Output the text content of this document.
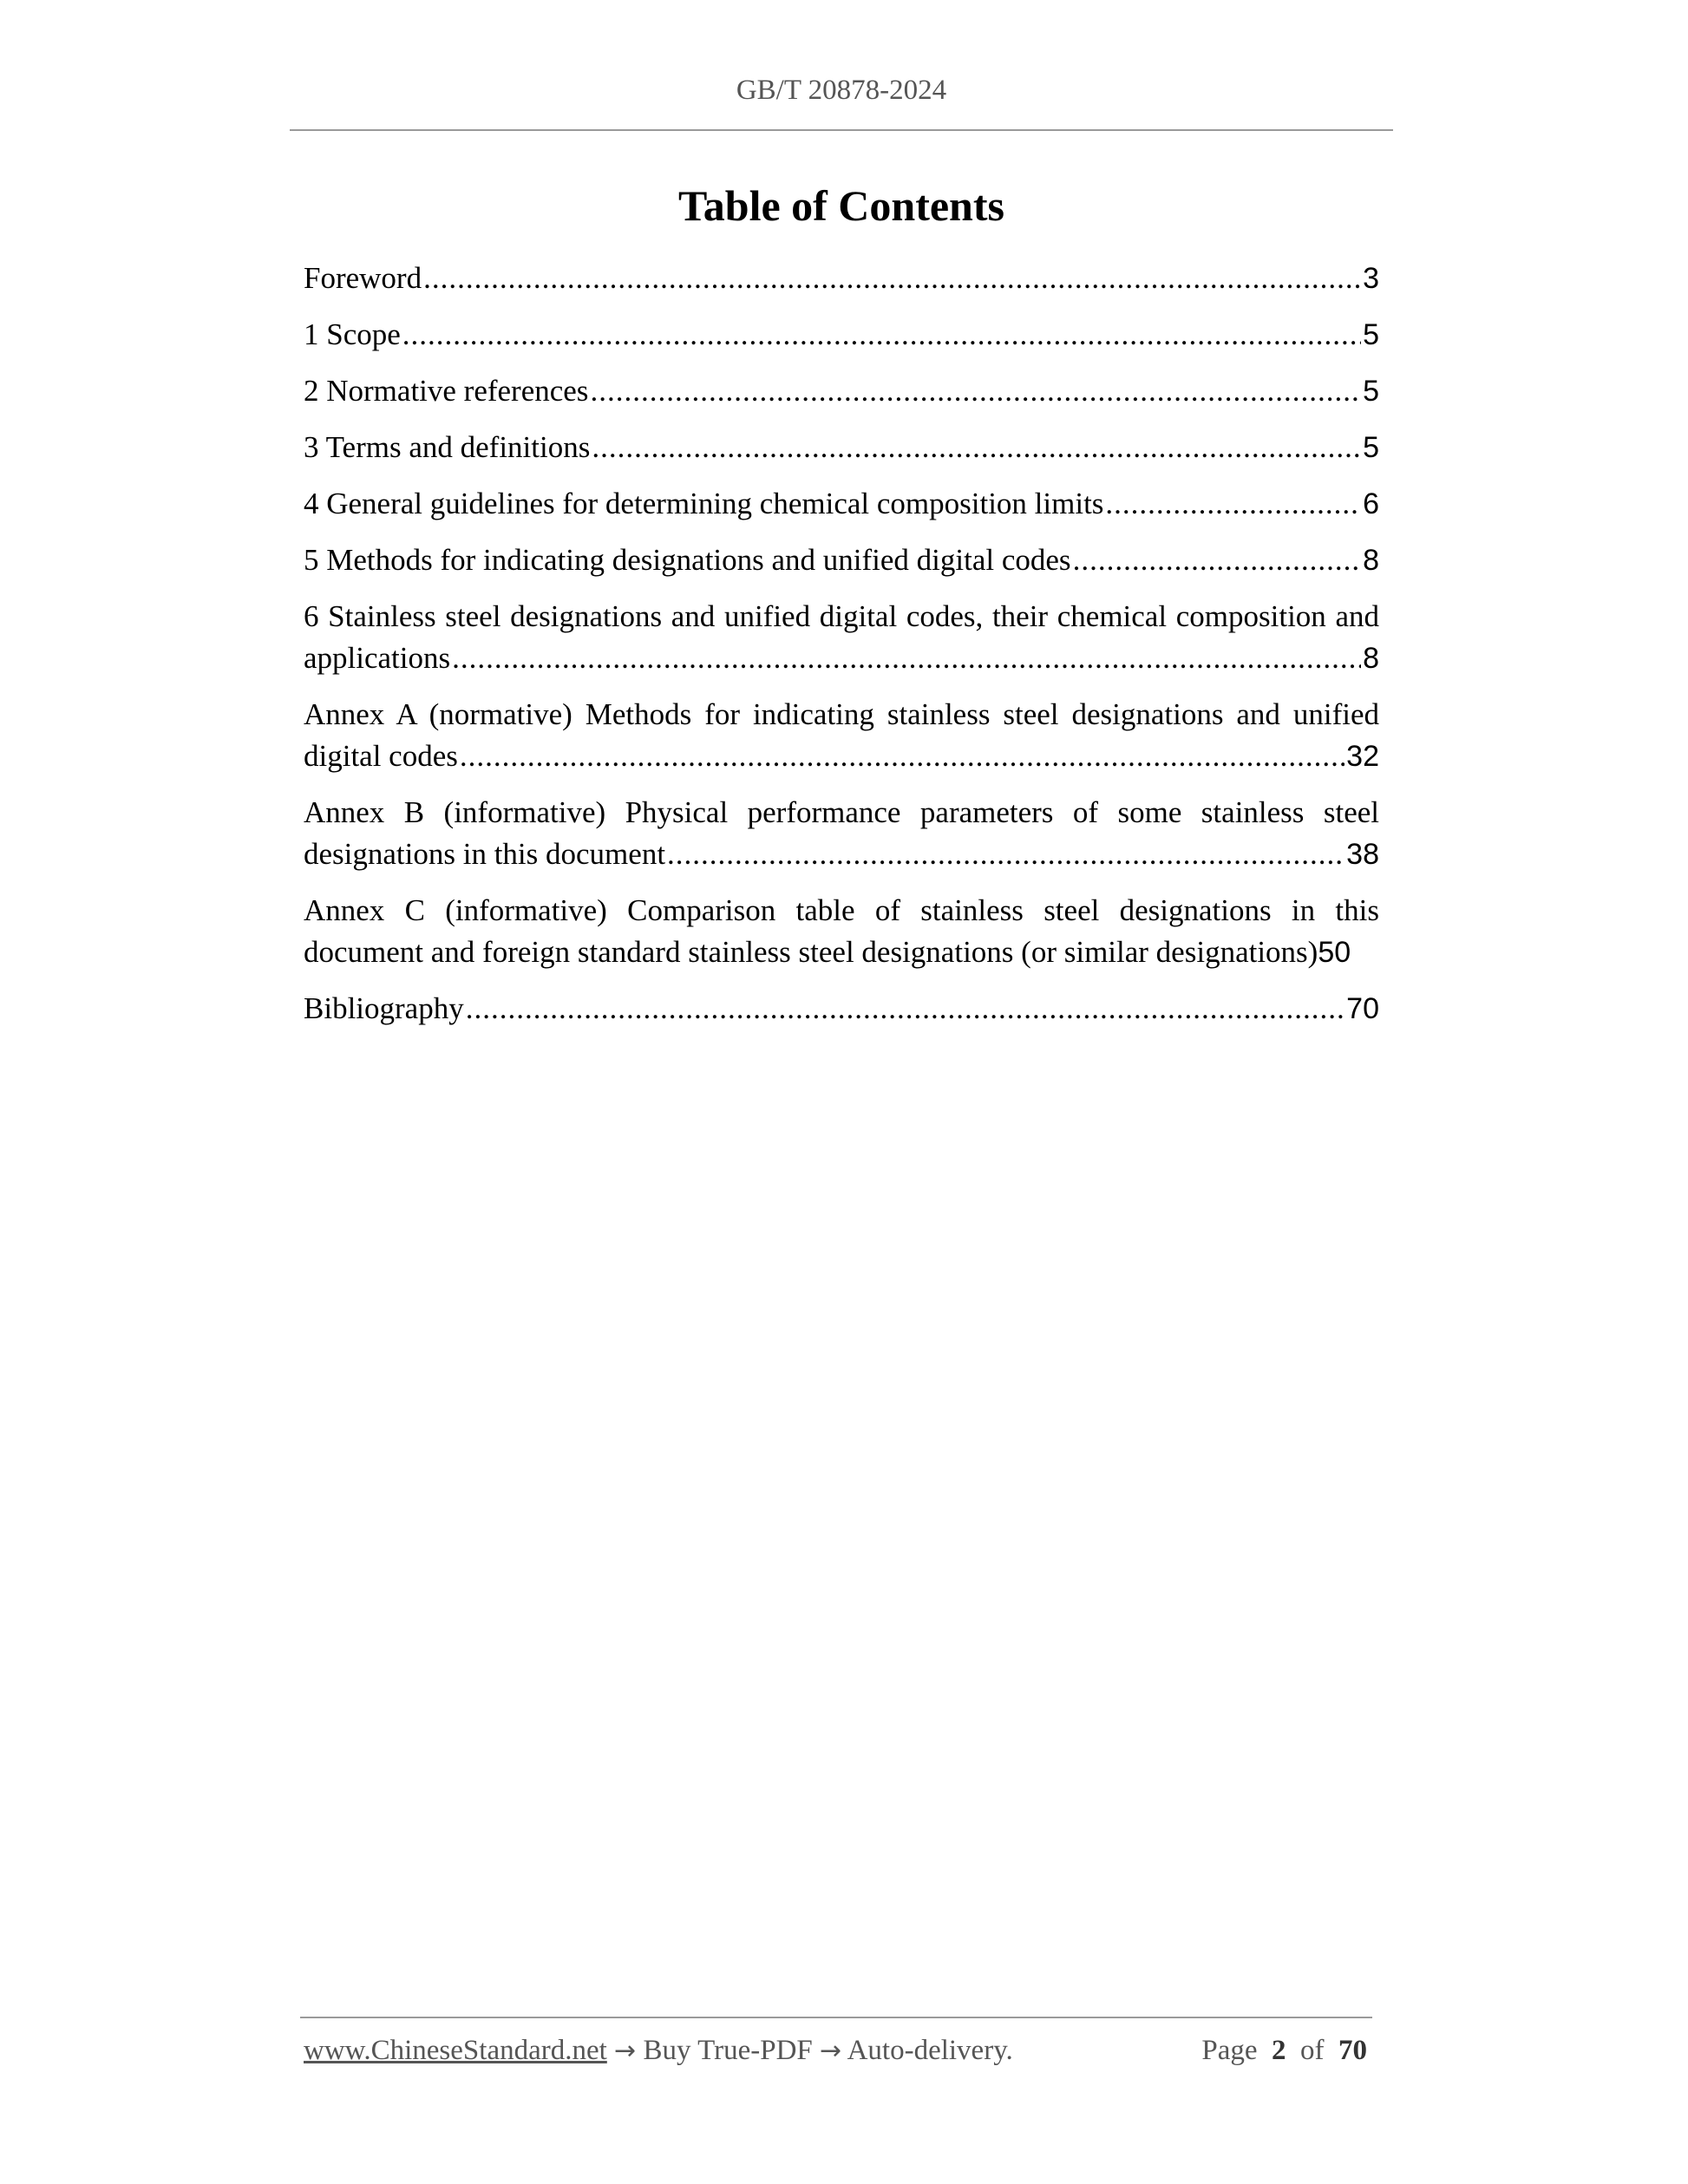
GB/T 20878-2024
Table of Contents
Foreword .....	3
1 Scope .....	5
2 Normative references .....	5
3 Terms and definitions .....	5
4 General guidelines for determining chemical composition limits .....	6
5 Methods for indicating designations and unified digital codes .....	8
6 Stainless steel designations and unified digital codes, their chemical composition and
applications .....	8
Annex A (normative) Methods for indicating stainless steel designations and unified
digital codes .....	32
Annex B (informative) Physical performance parameters of some stainless steel
designations in this document .....	38
Annex C (informative) Comparison table of stainless steel designations in this
document and foreign standard stainless steel designations (or similar designations) 50
Bibliography .....	70
www.ChineseStandard.net → Buy True-PDF → Auto-delivery.	Page 2 of 70
